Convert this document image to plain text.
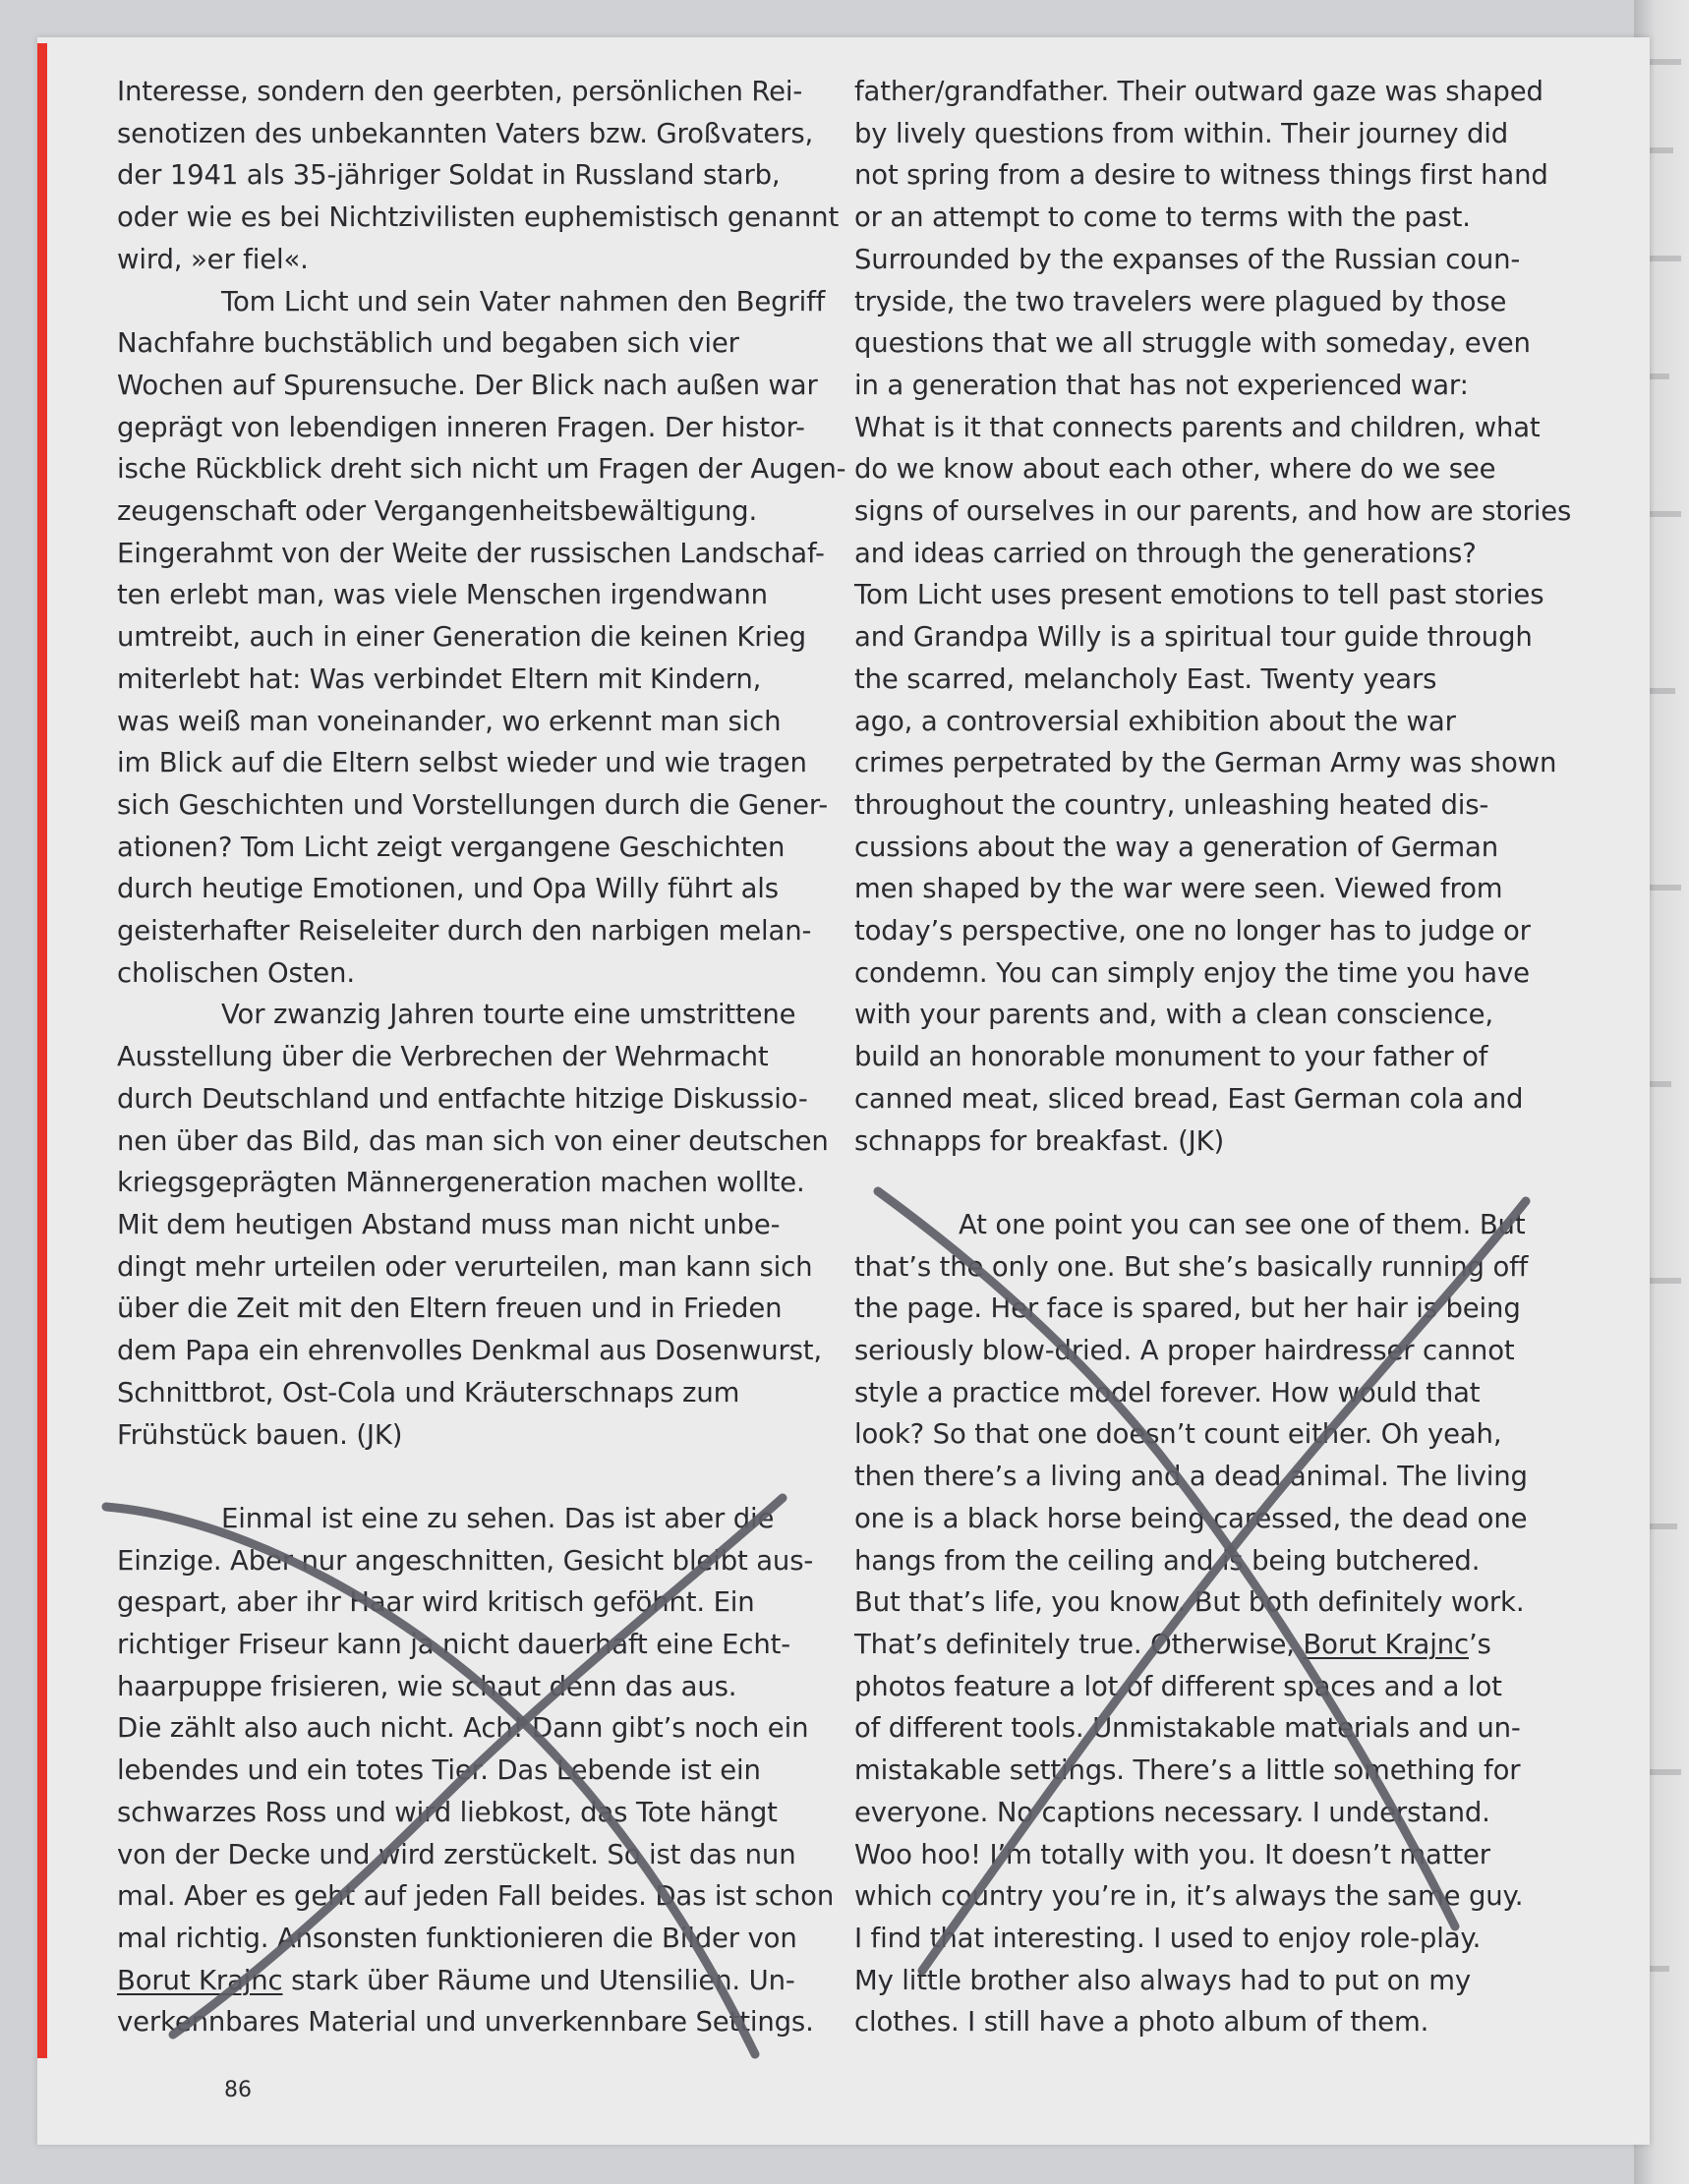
Interesse, sondern den geerbten, persönlichen Rei-
senotizen des unbekannten Vaters bzw. Großvaters,
der 1941 als 35-jähriger Soldat in Russland starb,
oder wie es bei Nichtzivilisten euphemistisch genannt
wird, »er fiel«.

Tom Licht und sein Vater nahmen den Begriff
Nachfahre buchstäblich und begaben sich vier
Wochen auf Spurensuche. Der Blick nach außen war
geprägt von lebendigen inneren Fragen. Der histor-
ische Rückblick dreht sich nicht um Fragen der Augen-
zeugenschaft oder Vergangenheitsbewältigung.
Eingerahmt von der Weite der russischen Landschaf-
ten erlebt man, was viele Menschen irgendwann
umtreibt, auch in einer Generation die keinen Krieg
miterlebt hat: Was verbindet Eltern mit Kindern,
was weiß man voneinander, wo erkennt man sich
im Blick auf die Eltern selbst wieder und wie tragen
sich Geschichten und Vorstellungen durch die Gener-
ationen? Tom Licht zeigt vergangene Geschichten
durch heutige Emotionen, und Opa Willy führt als
geisterhafter Reiseleiter durch den narbigen melan-
cholischen Osten.

Vor zwanzig Jahren tourte eine umstrittene
Ausstellung über die Verbrechen der Wehrmacht
durch Deutschland und entfachte hitzige Diskussio-
nen über das Bild, das man sich von einer deutschen
kriegsgeprägten Männergeneration machen wollte.
Mit dem heutigen Abstand muss man nicht unbe-
dingt mehr urteilen oder verurteilen, man kann sich
über die Zeit mit den Eltern freuen und in Frieden
dem Papa ein ehrenvolles Denkmal aus Dosenwurst,
Schnittbrot, Ost-Cola und Kräuterschnaps zum
Frühstück bauen. (JK)

Einmal ist eine zu sehen. Das ist aber die
Einzige. Aber nur angeschnitten, Gesicht bleibt aus-
gespart, aber ihr Haar wird kritisch geföhnt. Ein
richtiger Friseur kann ja nicht dauerhaft eine Echt-
haarpuppe frisieren, wie schaut denn das aus.
Die zählt also auch nicht. Ach! Dann gibt’s noch ein
lebendes und ein totes Tier. Das Lebende ist ein
schwarzes Ross und wird liebkost, das Tote hängt
von der Decke und wird zerstückelt. So ist das nun
mal. Aber es geht auf jeden Fall beides. Das ist schon
mal richtig. Ansonsten funktionieren die Bilder von

Borut Krajnc stark über Räume und Utensilien. Un-

verkennbares Material und unverkennbare Settings.

father/grandfather. Their outward gaze was shaped
by lively questions from within. Their journey did
not spring from a desire to witness things first hand
or an attempt to come to terms with the past.
Surrounded by the expanses of the Russian coun-
tryside, the two travelers were plagued by those
questions that we all struggle with someday, even
in a generation that has not experienced war:
What is it that connects parents and children, what
do we know about each other, where do we see
signs of ourselves in our parents, and how are stories
and ideas carried on through the generations?
Tom Licht uses present emotions to tell past stories
and Grandpa Willy is a spiritual tour guide through
the scarred, melancholy East. Twenty years
ago, a controversial exhibition about the war
crimes perpetrated by the German Army was shown
throughout the country, unleashing heated dis-
cussions about the way a generation of German
men shaped by the war were seen. Viewed from
today’s perspective, one no longer has to judge or
condemn. You can simply enjoy the time you have
with your parents and, with a clean conscience,
build an honorable monument to your father of
canned meat, sliced bread, East German cola and
schnapps for breakfast. (JK)

At one point you can see one of them. But
that’s the only one. But she’s basically running off
the page. Her face is spared, but her hair is being
seriously blow-dried. A proper hairdresser cannot
style a practice model forever. How would that
look? So that one doesn’t count either. Oh yeah,
then there’s a living and a dead animal. The living
one is a black horse being caressed, the dead one
hangs from the ceiling and is being butchered.
But that’s life, you know. But both definitely work.

That’s definitely true. Otherwise, Borut Krajnc’s

photos feature a lot of different spaces and a lot
of different tools. Unmistakable materials and un-
mistakable settings. There’s a little something for
everyone. No captions necessary. I understand.
Woo hoo! I’m totally with you. It doesn’t matter
which country you’re in, it’s always the same guy.
I find that interesting. I used to enjoy role-play.
My little brother also always had to put on my
clothes. I still have a photo album of them.

86
